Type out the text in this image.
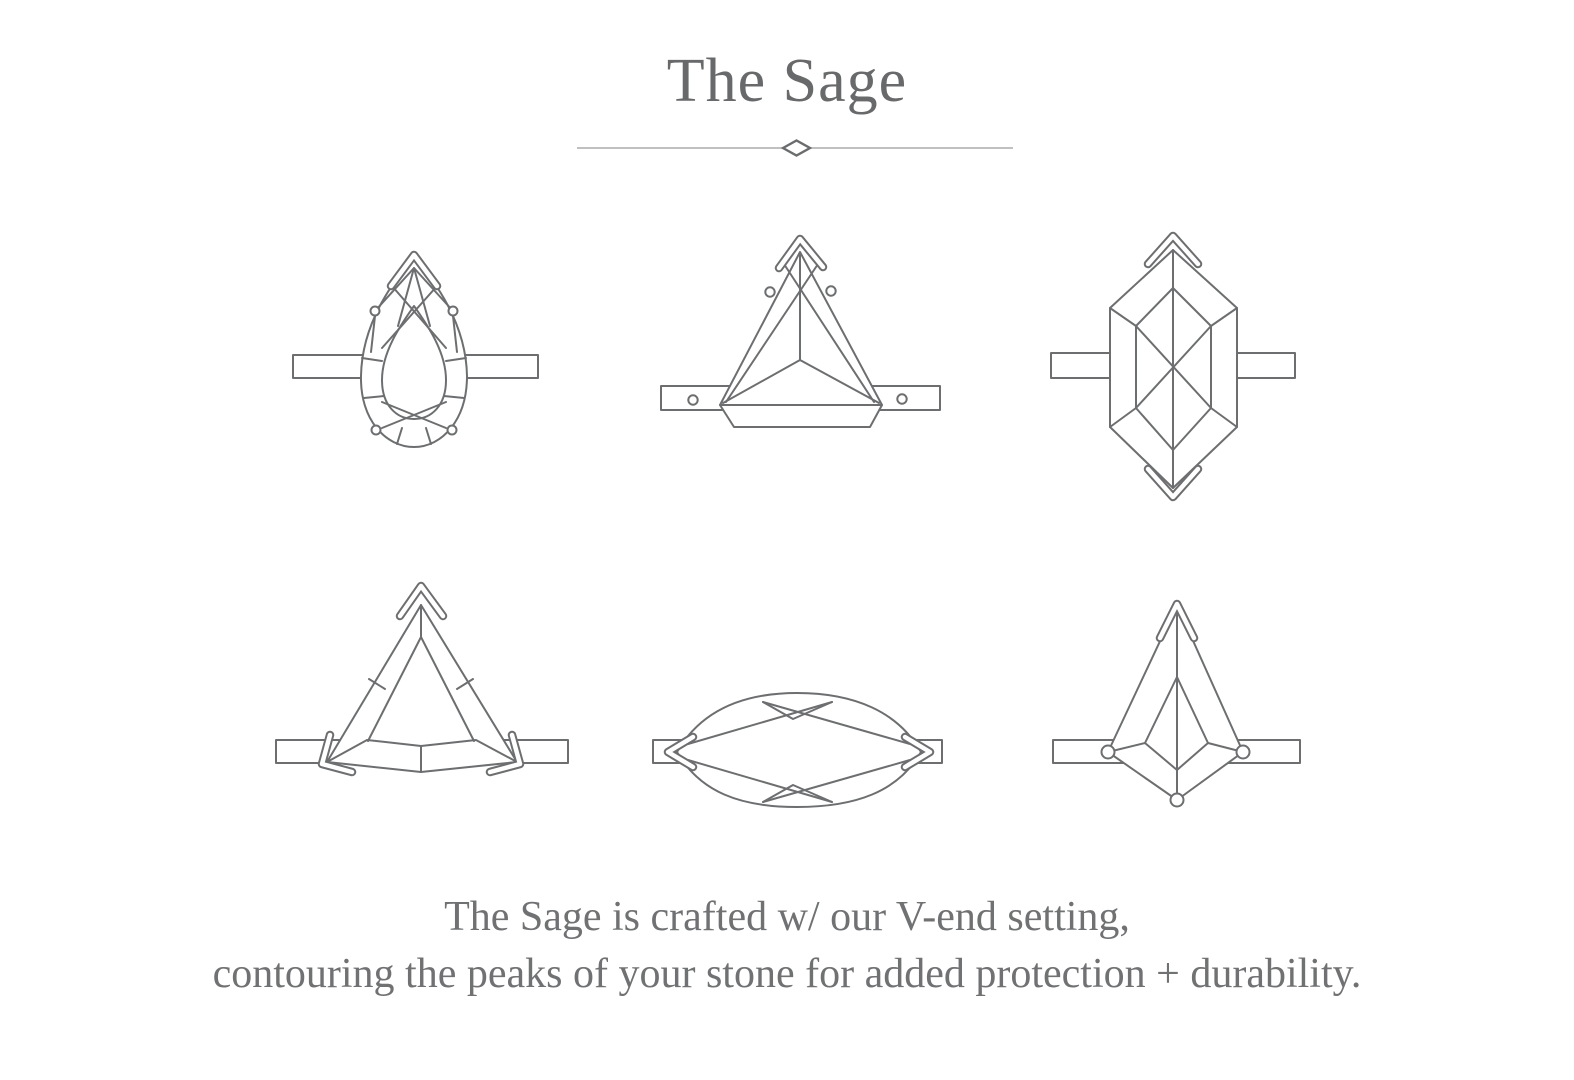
The Sage
The Sage is crafted w/ our V-end setting,
contouring the peaks of your stone for added protection + durability.
